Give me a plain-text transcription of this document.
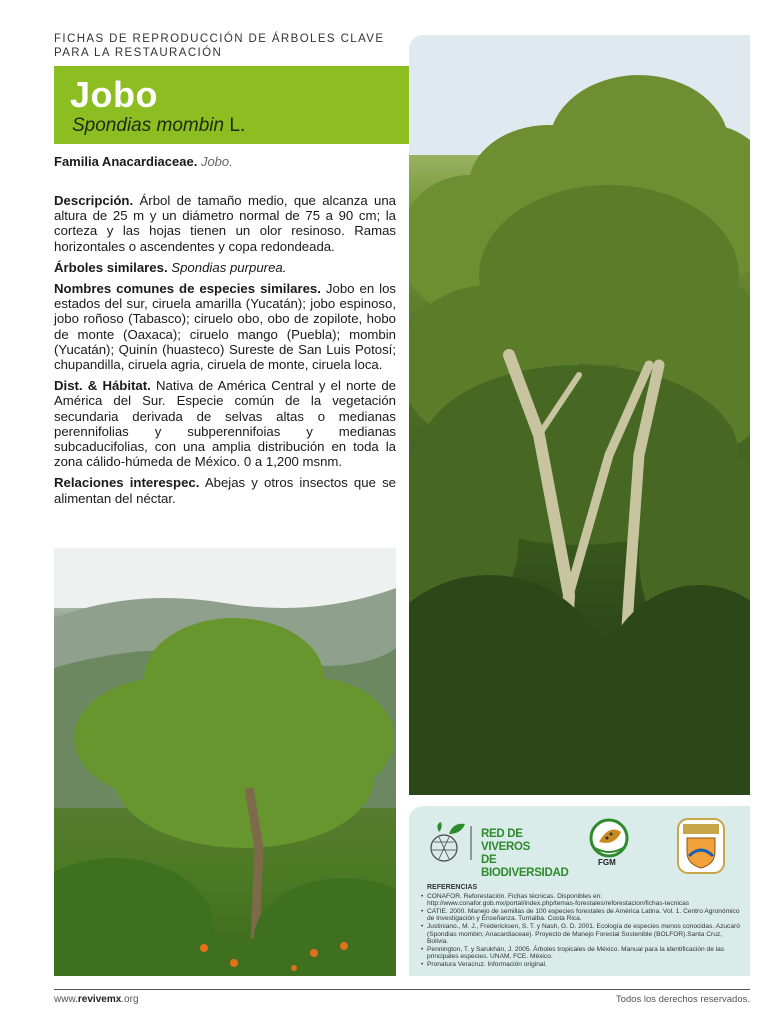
FICHAS DE REPRODUCCIÓN DE ÁRBOLES CLAVE
PARA LA RESTAURACIÓN
Jobo
Spondias mombin L.
Familia Anacardiaceae. Jobo.

Descripción. Árbol de tamaño medio, que alcanza una altura de 25 m y un diámetro normal de 75 a 90 cm; la corteza y las hojas tienen un olor resinoso. Ramas horizontales o ascendentes y copa redondeada.

Árboles similares. Spondias purpurea.

Nombres comunes de especies similares. Jobo en los estados del sur, ciruela amarilla (Yucatán); jobo espinoso, jobo roñoso (Tabasco); ciruelo obo, obo de zopilote, hobo de monte (Oaxaca); ciruelo mango (Puebla); mombin (Yucatán); Quinín (huasteco) Sureste de San Luis Potosí; chupandilla, ciruela agria, ciruela de monte, ciruela loca.

Dist. & Hábitat. Nativa de América Central y el norte de América del Sur. Especie común de la vegetación secundaria derivada de selvas altas o medianas perennifolias y subperennifoias y medianas subcaducifolias, con una amplia distribución en toda la zona cálido-húmeda de México. 0 a 1,200 msnm.

Relaciones interespec. Abejas y otros insectos que se alimentan del néctar.

RED DE VIVEROS
DE BIODIVERSIDAD
FGM
REFERENCIAS
• CONAFOR. Reforestación. Fichas técnicas. Disponibles en: http://www.conafor.gob.mx/portal/index.php/temas-forestales/reforestacion/fichas-tecnicas
• CATIE. 2000. Manejo de semillas de 100 especies forestales de América Latina. Vol. 1. Centro Agronómico de Investigación y Enseñanza. Turrialba. Costa Rica.
• Justiniano., M. J., Fredericksen, S. T. y Nash, G. D. 2001. Ecología de especies menos conocidas. Azucaró (Spondias mombin; Anacardiaceae). Proyecto de Manejo Forestal Sostenible (BOLFOR).Santa Cruz, Bolivia.
• Pennington, T. y Sarukhán, J. 2005. Árboles tropicales de México. Manual para la identificación de las principales especies. UNAM, FCE. México.
• Pronatura Veracruz. Información original.
www.revivemx.org	Todos los derechos reservados.
